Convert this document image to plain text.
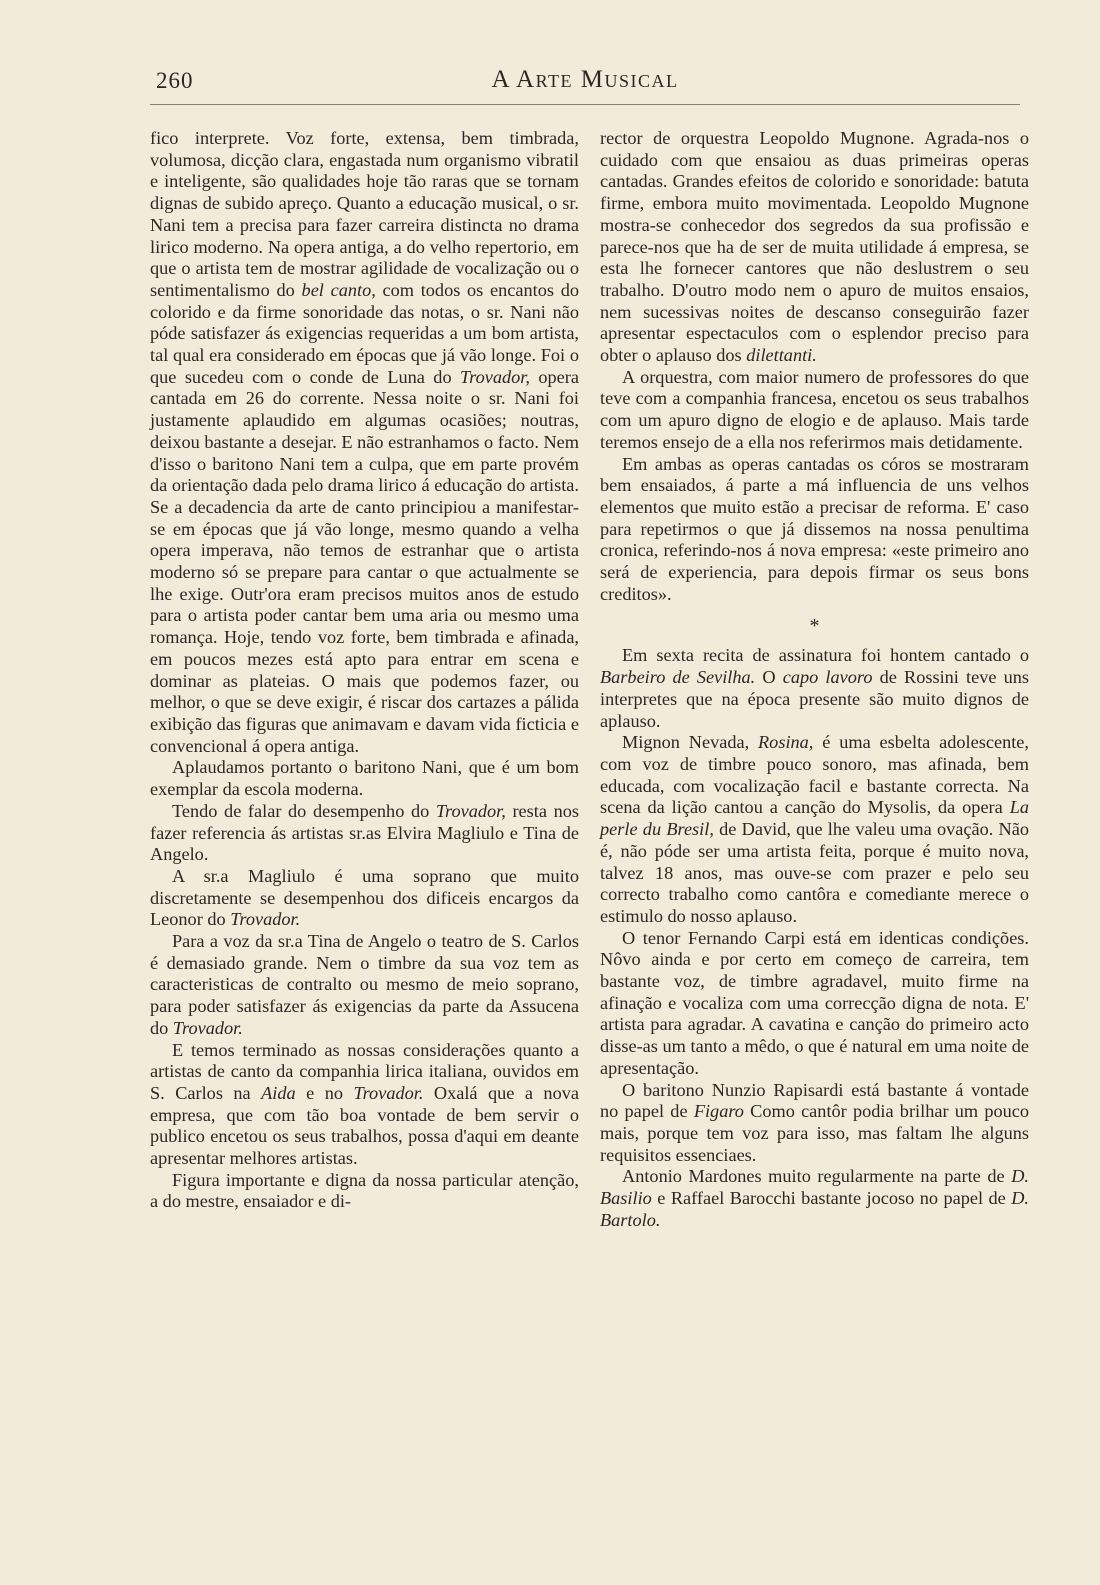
260	A Arte Musical

fico interprete. Voz forte, extensa, bem timbrada, volumosa, dicção clara, engastada num organismo vibratil e inteligente, são qualidades hoje tão raras que se tornam dignas de subido apreço. Quanto a educação musical, o sr. Nani tem a precisa para fazer carreira distincta no drama lirico moderno. Na opera antiga, a do velho repertorio, em que o artista tem de mostrar agilidade de vocalização ou o sentimentalismo do bel canto, com todos os encantos do colorido e da firme sonoridade das notas, o sr. Nani não póde satisfazer ás exigencias requeridas a um bom artista, tal qual era considerado em épocas que já vão longe. Foi o que sucedeu com o conde de Luna do Trovador, opera cantada em 26 do corrente. Nessa noite o sr. Nani foi justamente aplaudido em algumas ocasiões; noutras, deixou bastante a desejar. E não estranhamos o facto. Nem d'isso o baritono Nani tem a culpa, que em parte provém da orientação dada pelo drama lirico á educação do artista. Se a decadencia da arte de canto principiou a manifestar-se em épocas que já vão longe, mesmo quando a velha opera imperava, não temos de estranhar que o artista moderno só se prepare para cantar o que actualmente se lhe exige. Outr'ora eram precisos muitos anos de estudo para o artista poder cantar bem uma aria ou mesmo uma romança. Hoje, tendo voz forte, bem timbrada e afinada, em poucos mezes está apto para entrar em scena e dominar as plateias. O mais que podemos fazer, ou melhor, o que se deve exigir, é riscar dos cartazes a pálida exibição das figuras que animavam e davam vida ficticia e convencional á opera antiga.

Aplaudamos portanto o baritono Nani, que é um bom exemplar da escola moderna.

Tendo de falar do desempenho do Trovador, resta nos fazer referencia ás artistas sr.as Elvira Magliulo e Tina de Angelo.

A sr.a Magliulo é uma soprano que muito discretamente se desempenhou dos dificeis encargos da Leonor do Trovador.

Para a voz da sr.a Tina de Angelo o teatro de S. Carlos é demasiado grande. Nem o timbre da sua voz tem as caracteristicas de contralto ou mesmo de meio soprano, para poder satisfazer ás exigencias da parte da Assucena do Trovador.

E temos terminado as nossas considerações quanto a artistas de canto da companhia lirica italiana, ouvidos em S. Carlos na Aida e no Trovador. Oxalá que a nova empresa, que com tão boa vontade de bem servir o publico encetou os seus trabalhos, possa d'aqui em deante apresentar melhores artistas.

Figura importante e digna da nossa particular atenção, a do mestre, ensaiador e di-

rector de orquestra Leopoldo Mugnone. Agrada-nos o cuidado com que ensaiou as duas primeiras operas cantadas. Grandes efeitos de colorido e sonoridade: batuta firme, embora muito movimentada. Leopoldo Mugnone mostra-se conhecedor dos segredos da sua profissão e parece-nos que ha de ser de muita utilidade á empresa, se esta lhe fornecer cantores que não deslustrem o seu trabalho. D'outro modo nem o apuro de muitos ensaios, nem sucessivas noites de descanso conseguirão fazer apresentar espectaculos com o esplendor preciso para obter o aplauso dos dilettanti.

A orquestra, com maior numero de professores do que teve com a companhia francesa, encetou os seus trabalhos com um apuro digno de elogio e de aplauso. Mais tarde teremos ensejo de a ella nos referirmos mais detidamente.

Em ambas as operas cantadas os córos se mostraram bem ensaiados, á parte a má influencia de uns velhos elementos que muito estão a precisar de reforma. E' caso para repetirmos o que já dissemos na nossa penultima cronica, referindo-nos á nova empresa: «este primeiro ano será de experiencia, para depois firmar os seus bons creditos».

*

Em sexta recita de assinatura foi hontem cantado o Barbeiro de Sevilha. O capo lavoro de Rossini teve uns interpretes que na época presente são muito dignos de aplauso.

Mignon Nevada, Rosina, é uma esbelta adolescente, com voz de timbre pouco sonoro, mas afinada, bem educada, com vocalização facil e bastante correcta. Na scena da lição cantou a canção do Mysolis, da opera La perle du Bresil, de David, que lhe valeu uma ovação. Não é, não póde ser uma artista feita, porque é muito nova, talvez 18 anos, mas ouve-se com prazer e pelo seu correcto trabalho como cantôra e comediante merece o estimulo do nosso aplauso.

O tenor Fernando Carpi está em identicas condições. Nôvo ainda e por certo em começo de carreira, tem bastante voz, de timbre agradavel, muito firme na afinação e vocaliza com uma correcção digna de nota. E' artista para agradar. A cavatina e canção do primeiro acto disse-as um tanto a mêdo, o que é natural em uma noite de apresentação.

O baritono Nunzio Rapisardi está bastante á vontade no papel de Figaro Como cantôr podia brilhar um pouco mais, porque tem voz para isso, mas faltam lhe alguns requisitos essenciaes.

Antonio Mardones muito regularmente na parte de D. Basilio e Raffael Barocchi bastante jocoso no papel de D. Bartolo.
